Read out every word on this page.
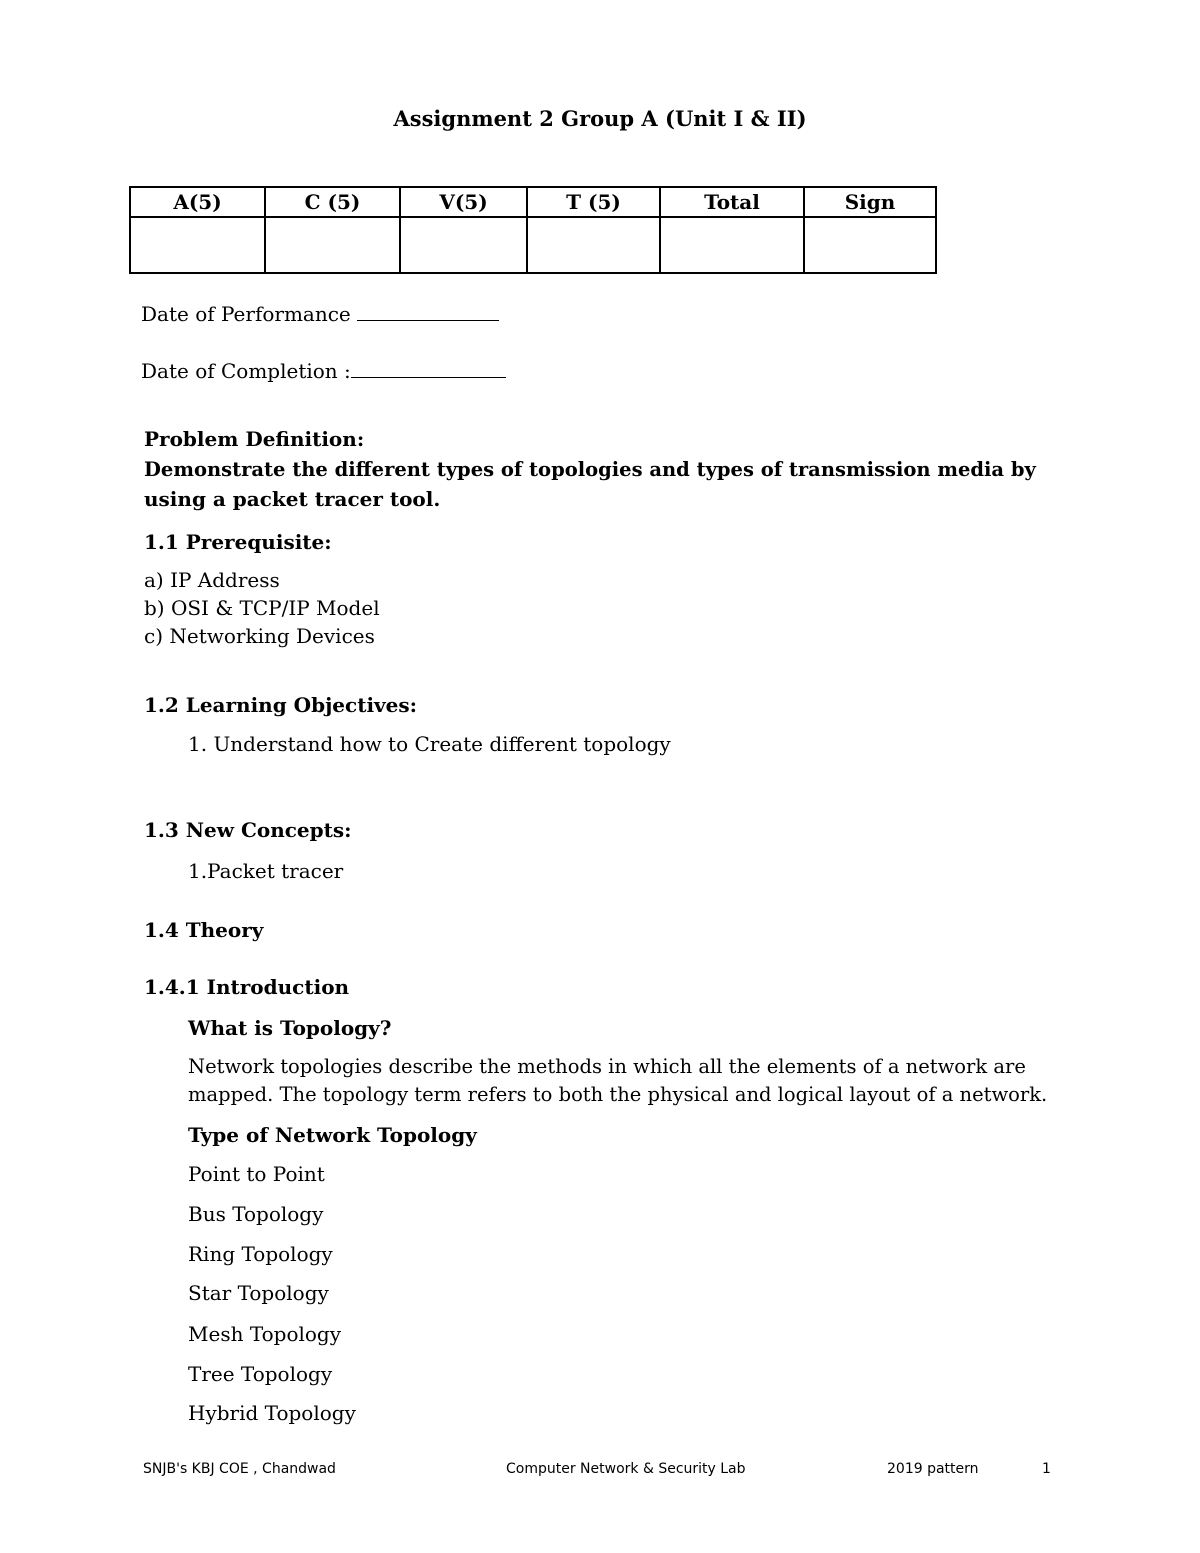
Assignment 2 Group A (Unit I & II)
A(5)	C (5)	V(5)	T (5)	Total	Sign

Date of Performance
Date of Completion :
Problem Definition:
Demonstrate the different types of topologies and types of transmission media by
using a packet tracer tool.
1.1 Prerequisite:
a) IP Address
b) OSI & TCP/IP Model
c) Networking Devices
1.2 Learning Objectives:
1. Understand how to Create different topology
1.3 New Concepts:
1.Packet tracer
1.4 Theory
1.4.1 Introduction
What is Topology?
Network topologies describe the methods in which all the elements of a network are
mapped. The topology term refers to both the physical and logical layout of a network.
Type of Network Topology
Point to Point
Bus Topology
Ring Topology
Star Topology
Mesh Topology
Tree Topology
Hybrid Topology
SNJB's KBJ COE , Chandwad	Computer Network & Security Lab	2019 pattern	1
